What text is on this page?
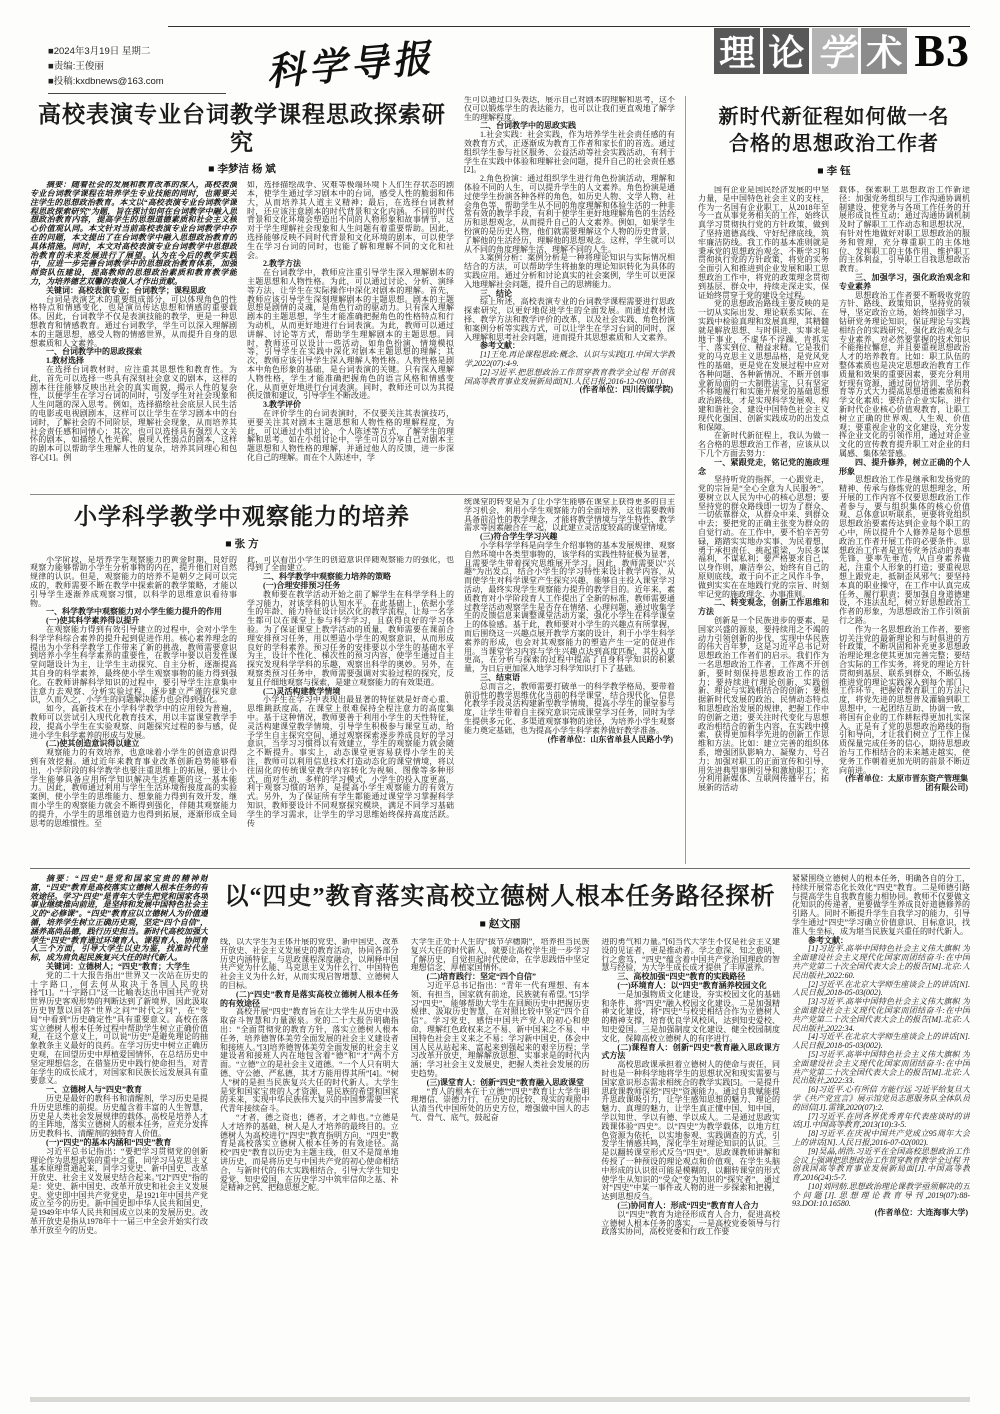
■2024年3月19日 星期二
■责编:王俊丽
■投稿:kxdbnews@163.com	科学导报	理 论 学 术 B3
高校表演专业台词教学课程思政探索研究
■ 李梦洁 杨 斌

摘要：随着社会的发展和教育改革的深入，高校表演专业台词教学课程在培养学生专业技能的同时，也需要关注学生的思想政治教育。本文以“高校表演专业台词教学课程思政探索研究”为题，旨在探讨如何在台词教学中融入思想政治教育内容，提高学生的思想道德素质和社会主义核心价值观认同。本文针对当前高校表演专业台词教学中存在的问题，本文提出了在台词教学中融入思想政治教育的具体措施。同时，本文对高校表演专业台词教学中思想政治教育的未来发展进行了展望。认为在今后的教学实践中，应进一步完善台词教学中的思想政治教育体系，加强师资队伍建设，提高教师的思想政治素质和教育教学能力，为培养德艺双馨的表演人才作出贡献。

关键词：高校表演专业；台词教学；课程思政

台词是表演艺术的重要组成部分，可以体现角色的性格特点和情感变化，也是演员传达思想和情感的重要载体。因此，台词教学不仅是表演技能的教学，更是一种思想教育和情感教育。通过台词教学，学生可以深入理解剧本的主题思想，感受人物的情感世界，从而提升自身的思想素质和人文素养。

一、台词教学中的思政探索

1.教材选择

在选择台词教材时，应注重其思想性和教育性。为此，首先可以选择一些具有深刻社会意义的剧本，这样的剧本往往能够反映出社会的真实面貌，揭示人性的复杂性，以便学生在学习台词的同时，引发学生对社会现象和人生问题的深入思考。例如，选择描绘社会底层人民生活的电影或电视剧剧本，这样可以让学生在学习剧本中的台词时，了解社会的不同阶层，理解社会现象，从而培养其社会责任感和同情心；其次，也可以选择具有强烈人文关怀的剧本，如描绘人性光辉、展现人性弱点的剧本，这样的剧本可以帮助学生理解人性的复杂，培养其同理心和包容心[1]。例

如，选择描绘战争、灾难等极端环境下人们生存状态的剧本，使学生通过学习剧本中的台词，感受人性的脆弱和伟大，从而培养其人道主义精神；最后，在选择台词教材时，还应该注意剧本的时代背景和文化内涵。不同的时代背景和文化环境会塑造出不同的人物形象和故事情节，这对于学生理解社会现象和人生问题有着重要帮助。因此，选择能够反映不同时代背景和文化环境的剧本，可以使学生在学习台词的同时，也能了解和理解不同的文化和社会。

2.教学方法

在台词教学中，教师应注重引导学生深入理解剧本的主题思想和人物性格。为此，可以通过讨论、分析、演绎等方法，让学生在实际操作中深化对剧本的理解。首先，教师应该引导学生深刻理解剧本的主题思想。剧本的主题思想是剧情的灵魂，是角色行动的驱动力。只有深入理解剧本的主题思想，学生才能准确把握角色的性格特点和行为动机，从而更好地进行台词表演。为此，教师可以通过讲解、讨论等方式，帮助学生理解剧本的主题思想。同时，教师还可以设计一些活动，如角色扮演、情境模拟等，引导学生在实践中深化对剧本主题思想的理解；其次，教师应该引导学生深入理解人物性格。人物性格是剧本中角色形象的基础，是台词表演的关键。只有深入理解人物性格，学生才能准确把握角色的语言风格和情感变化，从而更好地进行台词表演。同时，教师还可以为其提供反馈和建议，引导学生不断改进。

3.教学评价

在评价学生的台词表演时，不仅要关注其表演技巧，更要关注其对剧本主题思想和人物性格的理解程度，为此，可以通过小组讨论、个人陈述等方式，了解学生的理解和思考。如在小组讨论中，学生可以分享自己对剧本主题思想和人物性格的理解，并通过他人的反馈，进一步深化自己的理解。而在个人陈述中，学

生可以通过口头表达，展示自己对剧本的理解和思考，这不仅可以锻炼学生的表达能力，也可以让我们更直观地了解学生的理解程度。

二、台词教学中的思政实践

1.社会实践：社会实践，作为培养学生社会责任感的有效教育方式，正逐渐成为教育工作者和家长们的首选。通过组织学生参与社区服务、公益活动等社会实践活动，有利于学生在实践中体验和理解社会问题，提升自己的社会责任感[2]。

2.角色扮演：通过组织学生进行角色扮演活动，理解和体验不同的人生，可以提升学生的人文素养。角色扮演是通过使学生扮演各种各样的角色，如历史人物、文学人物、社会角色等，帮助学生从不同的角度理解和体验生活的一种非常有效的教学手段，有利于使学生更好地理解角色的生活经历和思想观念，从而提升自己的人文素养。例如，如果学生扮演的是历史人物，他们就需要理解这个人物的历史背景，了解他的生活经历，理解他的思想观念。这样，学生就可以从不同的角度理解生活，理解不同的人生。

3.案例分析：案例分析是一种将理论知识与实际情况相结合的方法，可以帮助学生将抽象的理论知识转化为具体的实践应用。通过分析和讨论真实的社会案例，学生可以更深入地理解社会问题，提升自己的思辨能力。

三、结论

综上所述，高校表演专业的台词教学课程需要进行思政探索研究，以更好地促进学生的全面发展。而通过教材选择、教学方法和教学评价的改革，以及社会实践、角色扮演和案例分析等实践方式，可以让学生在学习台词的同时，深入理解和思考社会问题，进而提升其思想素质和人文素养。

参考文献：

[1]王免.再论课程思政:概念、认识与实践[J].中国大学教学,2022(07):4-9.

[2]习近平.把思想政治工作贯穿教育教学全过程 开创我国高等教育事业发展新局面[N].人民日报,2016-12-09(001).

(作者单位：四川传媒学院)

小学科学教学中观察能力的培养
■ 张 方

小学阶段，是培养学生观察能力的黄金时期，良好的观察力能够帮助小学生分析事物的内在，提升他们对自然规律的认识。但是，观察能力的培养不是朝夕之间可以完成的，教师需要不断在教学中探索新的教学策略，才能以引导学生逐渐养成观察习惯，以科学的思维意识看待事物。

一、科学教学中观察能力对小学生能力提升的作用

(一)使其科学素养得以提升

在观察能力得到有效引导建立的过程中，会对小学生科学学科综合素养的提升起到促进作用。核心素养理念的提出为小学科学教学工作带来了新的挑战，教师需要意识到培养小学生科学素养的重要性，在教学中要以启发性课堂问题设计为主，让学生主动探究、自主分析，逐渐提高其自身的科学素养，最终使小学生观察事物的能力得到强化。在教师讲解科学知识的过程中，要引导学生注意集中注意力去观察、分析实验过程，逐步建立严谨的探究意识，久而久之，小学生的问题解决能力也会得到强化。

如今，高新技术在小学科学教学中的应用较为普遍，教师可以尝试引入现代化教育技术，用以丰富课堂教学手段，提高小学生在实验观察、问题探究过程的参与感，促进小学生科学素养的形成与发展。

(二)使其创造意识得以建立

观察能力的有效培养，也意味着小学生的创造意识得到有效挖掘。通过近年来教育事业改革创新趋势能够看出，小学阶段的科学教学也要注重思维上的拓展，要让小学生能够具备应用所学知识解决生活难题的这一基本能力。因此，教师通过利用与学生生活环境衔接度高的实验案例，使小学生的思维能力、想象能力得到有效开发，继而小学生的观察能力就会不断得到强化，伴随其观察能力的提升，小学生的思维创造力也得到拓展，逐渐形成全局思考的思维惯性。至

此，可以看出小学生的创造意识伴随观察能力的强化，也得到了全面建立。

二、科学教学中观察能力培养的策略

(一)合理安排预习任务

教师要在教学活动开始之前了解学生在科学学科上的学习能力，对该学科的认知水平。在此基础上，依据小学生的年龄、能力特征设计层次化的教学流程，让每一名学生都可以在课堂上参与科学学习，且获得良好的学习体验。为了保证课堂上教学活动的质量，教师需要在课前合理安排预习任务，用以塑造小学生的观察意识，从而形成良好的学科素养。预习任务的安排要以小学生的基础水平为主，设计个性化、梯次性的预习内容，使学生通过自主探究发现科学学科的乐趣，观察出科学的奥妙。另外，在观察类预习任务中，教师需要强调对实验过程的探究，反复且仔细地观察与探索，是建立观察能力的有效渠道。

(二)灵活构建教学情境

小学生在学习中表现出最显著的特征就是好奇心重、思维跳跃度高，在课堂上很难保持全程注意力的高度集中。基于这种情况，教师要善于利用小学生的天性特征，灵活构建课堂教学情境，引导学生积极参与课堂互动，给予学生自主探究空间，通过观察探索逐步养成良好的学习意识，当学习习惯得以有效建立，学生的观察能力就会随之不断提升。事实上，动态课堂更容易获得小学生的关注，教师可以利用信息技术打造动态化的课堂情境，将以往固化的传统课堂教学内容转化为视频、图像等多种形式，面对生动、多样的学习模式，小学生的投入度更高，利于观察习惯的培养，是提高小学生观察能力的有效方式。另外，为了保证所有学生都能通过课堂学习掌握科学知识，教师要设计不同观察探究模块，满足不同学习基础学生的学习需求，让学生的学习思维始终保持高度活跃。传

统课堂的转变是为了让小学生能够在课堂上获得更多的自主学习机会，利用小学生观察能力的全面培养，这也需要教师具备前沿性的教学理念，才能将教学情境与学生特性、教学需求等因素融合在一起，以此建立灵活度较高的课堂情境。

(三)符合学生学习兴趣

小学科学学科是向学生介绍事物的基本发展规律、观察自然环境中各类型事物的，该学科的实践性特征极为显著，且需要学生带着探究思维展开学习。因此，教师需要以“兴趣”为出发点，结合小学生的学习特性来设计教学内容，从而使学生对科学课堂产生探究兴趣，能够自主投入课堂学习活动，最终实现学生观察能力提升的教学目的。近年来，素质教育对小学阶段育人工作提出了全新的标准，教师需要通过教学活动观察学生是否存在情绪、心理问题，通过收集学生的反馈信息来调整课堂活动方案，强化小学生在科学课堂上的体验感。基于此，教师要对小学生的兴趣点有所掌握，而后围绕这一兴趣点展开教学方案的设计，利于小学生科学素养的形成，也会对其观察能力的塑造产生一定的促进作用。当课堂学习内容与学生兴趣点达到高度匹配，其投入度更高，在分析与探索的过程中提高了自身科学知识的积累量，为日后更加深入地学习科学知识打下了基础。

三、结束语

总而言之，教师需要打破单一的科学教学格局，要带着前沿性的教学思维优化当前的科学课堂，结合现代化、信息化教学手段灵活构建新型教学情境，提高小学生的课堂参与度，让学生带着自主探究意识完成课堂学习任务，同时为学生提供多元化、多渠道观察事物的途径，为培养小学生观察能力奠定基础，也为提高小学生科学素养做好教学准备。

(作者单位：山东省单县人民路小学)

新时代新征程如何做一名
合格的思想政治工作者
■ 李 钰

国有企业是国民经济发展的中坚力量，是中国特色社会主义的支柱，作为一名国有企业职工，从2018年至今一直从事党务相关的工作，始终认真学习贯彻执行党的方针政策，做到了坚持道德高线、守好纪律底线，筑牢廉洁防线。我工作的基本准则就是秉承党的思想政治观念、不断学习和贯彻执行党的方针政策，将党的实务全面引入和推进到企业发展和职工思想政治工作中，将党的政策理念贯彻到基层、群众中，持续走深走实，保证始终贯穿于党的建设全过程。

党的思想政治路线主要反映的是一切从实际出发、理论联系实际、在实践中检验真理和发展真理，其精髓就是解放思想、与时俱进、实事求是地干事业，不虚华不浮躁，肯抓实干、落实到位、精益求精。它是我们党的马克思主义思想品格，是党风党性的基础，更是党在发展过程中应对各种问题、各种新情况、不断开创事业新局面的一大制胜法宝，只有坚定不移地履行和实施开展党的基础思想政治路线，才是实现科学发展观、构建和谐社会、建设中国特色社会主义现代化强国、创新实践成功的出发点和保障。

在新时代新征程上，我认为做一名合格的思想政治工作者，应该从以下几个方面去努力：

一、紧跟党走，铭记党的施政理念

坚持听党的指挥，一心跟党走，党的宗旨是“全心全意为人民服务”。要树立以人民为中心的核心思想；要坚持党的群众路线即一切为了群众、一切依靠群众，从群众中来、到群众中去；要把党的正确主张变为群众的自觉行动。在工作中，要不怕辛苦劳碌，踏踏实实地办实事、为民着想，勇于承担责任、挑起重梁，为民多谋福利，不谋私利；要严格要求自己，以身作则，廉洁奉公，始终有自己的原则底线，敢于向不正之风作斗争，做到实实在在地践行党的宗旨、时刻牢记党的施政理念、办事准则。

二、转变观念，创新工作思维和方法

创新是一个民族进步的要素、是国家兴盛的源泉，要持续用之不竭的动力引领创新的步伐，实现中华民族的伟大百年梦，这是习近平总书记对思想政治工作者们的启示。我们作为一名思想政治工作者，工作离不开创新，要时刻保持思想政治工作的活力；要持续进行理论创新、实践创新、理论与实践相结合的创新；要根据新时代发展的政治、民情动态特点和思想政治发展的规律，把握工作中的创新之道；要关注时代变化与思想政治相结合的新生内容，在实践中摸索，获得更加科学先进的创新工作思维和方法。比如：建立完善的组织体系，增强团队影响力、凝聚力、号召力；加强对职工的正面宣传和引导，用先进典型事例引导和激励职工；充分利用新媒体、互联网传播平台，拓展新的活动

载体，探索职工思想政治工作新途径：加强党务组织与工作沟通协调机制建设，使党务与各项工作任务的开展形成良性互动；通过沟通协调机制及时了解职工工作动态和思想状况，有针对性地做好对职工思想政治的服务和管理，充分尊重职工的主体地位、发挥职工的主体作用、维护职工的主体利益，引导职工自我思想政治教育。

三、加强学习，强化政治观念和专业素养

思想政治工作者要不断吸收党的方针、路线、政策知识，坚持党的领导，坚定政治立场，始终加强学习，钻研党务理论知识，保证理论与实践相结合的实践研究，强化政治观念与专业素养，对必然要掌握的技术知识不能拖拉懈怠，并且要重视思想政治人才的培养教育。比如：职工队伍的整体素质也是决定思想政治教育工作质量和效果的重要因素，要充分利用好现有资源，通过岗位培训、学历教育等方式大力提高思想道德素质和科学文化素质；要结合企业实际，进行新时代企业核心价值观教育，让职工树立正确的世界观、人生观、价值观；要重视企业的文化建设，充分发挥企业文化的引领作用，通过对企业文化的宣传教育提升职工对企业的归属感、集体荣誉感。

四、提升修养，树立正确的个人形象

思想政治工作是继承和发扬党的精神、传承与修炼党的思想理念，所开展的工作内容不仅要思想政治工作者参与，要与组织集体的核心价值观、总体意识听联系，更要将党组织思想政治要素传达到企业每个职工的心中，所以提升个人修养是每个思想政治工作者开展工作的必要条件。思想政治工作者是宣传党务活动的表率先锋，要率先垂范，从自身素养做起，注重个人形象的打造；要重视思想上跟党走，抵制歪风邪气；要坚持本真的职业操守，在工作中认真完成任务、履行职责；要加强自身道德建设，不违法乱纪，树立好思想政治工作者的形象，为思想政治工作引领前行之路。

作为一名思想政治工作者，要密切关注党的最新理论和与时俱进的方针政策，不断巩固和补充更多思想政治理论理念使其更加完善完整；要结合实际的工作实务，将党的理论方针贯彻到基层、联系到群众，不断弘扬推进党的理论实践深入到每个部门、工作环节，把握好教育职工的方法尺度，将党先进的思想普及灌输到职工思想中，一起团结互助、协调一致，将国有企业的工作耕耘得更加扎实深入。正是有了党的思想政治路线的指引和导向，才让我们树立了工作上保质保量完成任务的信心，期待思想政治与工作相结合的未来越走越实，使党务工作朝着更加光明的前景不断迈向前进。

(作者单位：太原市晋东资产管理集团有限公司)

摘要：“四史”是党和国家宝贵的精神财富，“四史”教育是高校落实立德树人根本任务的有效途径。学习“四史”是青年大学生把党和国家各项事业继续推向前进，是坚持和发展中国特色社会主义的“必修课”。“四史”教育应以立德树人为价值遵循，培养学生树立正确历史观，坚定“四个自信”，涵养高尚品德，践行历史担当。新时代高校加强大学生“四史”教育通过环境育人、课程育人、协同育人三个方面，引导大学生以史为鉴，找准时代坐标，成为肩负起民族复兴大任的时代新人。

关键词：立德树人；“四史”教育；大学生

党的二十大报告指出“世界又一次站在历史的十字路口，何去何从取决于各国人民的抉择”[1]。“十字路口”这一比喻表达出中国共产党对世界历史客观形势的判断达到了新境界，因此汲取历史智慧以回答“世界之问”“时代之问”，在“变局”中看到“历史确定性”具有重要意义。高校在落实立德树人根本任务过程中帮助学生树立正确价值观，在这个意义上，可以说“历史”是避免理论的抽象教条主义最好的良药。在学习历史中树立正确历史观，在回望历史中厚植爱国情怀，在总结历史中坚定理想信念，在借鉴历史中践行使命担当，对青年学生的成长成才，对国家和民族长远发展具有重要意义。

一、立德树人与“四史”教育

历史是最好的教科书和清醒剂，学习历史是提升历史思维的前提。历史蕴含着丰富的人生智慧，历史是人类社会发展规律的载体。高校是培养人才的主阵地，落实立德树人的根本任务，应充分发挥历史教科书、清醒剂的独特育人价值。

(一)“四史”的基本内涵和“四史”教育

习近平总书记指出：“要把学习贯彻党的创新理论作为思想武装的重中之重，同学习马克思主义基本原理贯通起来，同学习党史、新中国史、改革开放史、社会主义发展史结合起来。”[2]“四史”指的是：党史、新中国史、改革开放史和社会主义发展史。党史即中国共产党党史，是1921年中国共产党成立至今的历史。新中国史即中华人民共和国史，是1949年中华人民共和国成立以来的发展历史。改革开放史是指从1978年十一届三中全会开始实行改革开放至今的历史。

以“四史”教育落实高校立德树人根本任务路径探析
■ 赵文丽

线，以大学生为主体开展的党史、新中国史、改革开放史、社会主义发展史的教育活动，协同各部分历史内涵特征，与思政课程深度融合，以阐释中国共产党为什么能、马克思主义为什么行、中国特色社会主义为什么好，从而实现启智增慧、立德树人的目标。

(二)“四史”教育是落实高校立德树人根本任务的有效途径

高校开展“四史”教育旨在让大学生从历史中汲取奋斗智慧和力量源泉。党的二十大报告明确指出：“全面贯彻党的教育方针，落实立德树人根本任务，培养德智体美劳全面发展的社会主义建设者和接班人。”[3]培养德智体美劳全面发展的社会主义建设者和接班人内在地包含着“德”和“才”两个方面。“立德”立的是社会主义道德。“一个人只有明大德、守公德、严私德，其才方能用得其所”[4]。“树人”树的是担当民族复兴大任的时代新人。大学生是党和国家宝贵的人才资源，是民族的希望和国家的未来，实现中华民族伟大复兴的中国梦需要一代代青年接续奋斗。

“才者，德之资也；德者，才之帅也。”立德是人才培养的基础，树人是人才培养的最终目的。立德树人为高校进行“四史”教育指明方向，“四史”教育是高校落实立德树人根本任务的有效途径。高校“四史”教育以历史为主题主线，但又不是简单地讲历史，而是将历史与中国共产党的初心使命相结合，与新时代的伟大实践相结合，引导大学生知史爱党、知史爱国，在历史学习中筑牢信仰之基、补足精神之钙、把稳思想之舵。

大学生正处于人生的“拔节孕穗期”，培养担当民族复兴大任的时代新人，就要让高校学生进一步学习了解历史，自觉担起时代使命，在学思践悟中坚定理想信念、厚植家国情怀。

(二)培育践行：坚定“四个自信”

习近平总书记指出：“青年一代有理想、有本领、有担当，国家就有前途，民族就有希望。”[5]学习“四史”，能够帮助大学生在回顾历史中把握历史规律、汲取历史智慧，在对照比较中坚定“四个自信”。学习党史，感悟中国共产党人的初心和使命，理解红色政权来之不易、新中国来之不易、中国特色社会主义来之不易；学习新中国史，体会中国人民从站起来、富起来到强起来的艰辛历程；学习改革开放史，理解解放思想、实事求是的时代内涵；学习社会主义发展史，把握人类社会发展的历史趋势。

(三)课堂育人：创新“四史”教育融入思政课堂

“育人的根本在于立德”“四史”教育让大学生明理增信、崇德力行，在历史的比较、现实的观照中认清当代中国所处的历史方位，增强做中国人的志气、骨气、底气，鼓起奋

进的勇气和力量。”[6]当代大学生不仅是社会主义建设的见证者，更是推动者。学之愈深、知之愈明、行之愈笃，“四史”蕴含着中国共产党治国理政的智慧与经验，为大学生成长成才提供了丰厚滋养。

三、高校加强“四史”教育的实践路径

(一)环境育人：以“四史”教育涵养校园文化

一是加强物质文化建设，夯实校园文化的基础和条件，将“四史”融入校园文化建设。二是加强精神文化建设，将“四史”与校史相结合作为立德树人的精神支撑，培育优良学风校风，达到知史爱校、知史爱国。三是加强制度文化建设、健全校园制度文化，保障高校立德树人的有序进行。

(二)课程育人：创新“四史”教育融入思政课方式方法

高校思政课承担着立德树人的使命与责任，同时也是一种科学地将学生的思想状况和现实需要与国家意识形态需求相统合的教学实践[5]。一是提升思政课教师深挖“四史”资源能力。通过自我赋能提升思政课吸引力，让学生感知思想的魅力、理论的魅力、真理的魅力，让学生真正懂中国、知中国，学以知世、学以有德、学以成人。二是通过思政实践课体验“四史”。以“四史”为教学载体，以地方红色资源为依托，以实地参观、实践调查的方式，引发学生情感共鸣，深化学生对理论知识的认识。三是以翻转课堂形式反刍“四史”。思政课教师讲解和传授了一种预设的理论观点和价值观，在学生头脑中形成的认识很可能是模糊的，以翻转课堂的形式使学生从知识的“受众”变为知识的“探究者”，通过对“四史”中某一事件或人物的进一步探索和把握，达到思想反刍。

(三)协同育人：形成“四史”教育育人合力

以“四史”教育为途径形成育人合力，促进高校立德树人根本任务的落实，一是高校党委领导与行政落实协同，高校党委和行政工作要

紧紧围绕立德树人的根本任务，明确各自的分工，持续开展常态化长效化“四史”教育。二是师德引路与提高学生自我教育能力相协同。教师不仅要做文化知识的传递者，更要做学生养成良好道德修养的引路人。同时不断提升学生自我学习的能力，引导学生通过“四史”学习确立价值意识、目标意识，找准人生坐标，成为堪当民族复兴重任的时代新人。

参考文献：

[1]习近平.高举中国特色社会主义伟大旗帜 为全面建设社会主义现代化国家而团结奋斗:在中国共产党第二十次全国代表大会上的报告[M].北京:人民出版社,2022:60.

[2]习近平.在北京大学师生座谈会上的讲话[N].人民日报,2018-05-03(002).

[3]习近平.高举中国特色社会主义伟大旗帜 为全面建设社会主义现代化国家而团结奋斗:在中国共产党第二十次全国代表大会上的报告[M].北京:人民出版社,2022:34.

[4]习近平.在北京大学师生座谈会上的讲话[N].人民日报,2018-05-03(002).

[5]习近平.高举中国特色社会主义伟大旗帜 为全面建设社会主义现代化国家而团结奋斗:在中国共产党第二十次全国代表大会上的报告[M].北京:人民出版社,2022:33.

[6]习近平.心有所信 方能行远 习近平给复旦大学《共产党宣言》展示馆党员志愿服务队全体队员的回信[J].雷锋,2020(07):2.

[7]习近平.在同各界优秀青年代表座谈时的讲话[J].中国高等教育,2013(10):3-5.

[8]习近平.在庆祝中国共产党成立95周年大会上的讲话[N].人民日报,2016-07-02(002).

[9]吴晶,胡浩.习近平在全国高校思想政治工作会议上强调把思想政治工作贯穿教育教学全过程 开创我国高等教育事业发展新局面[J].中国高等教育,2016(24):5-7.

[10]刘同舫.思想政治理论课教学亟须解决的五个问题[J].思想理论教育导刊,2019(07):88-93.DOI:10.16580.

(作者单位：大连海事大学)
